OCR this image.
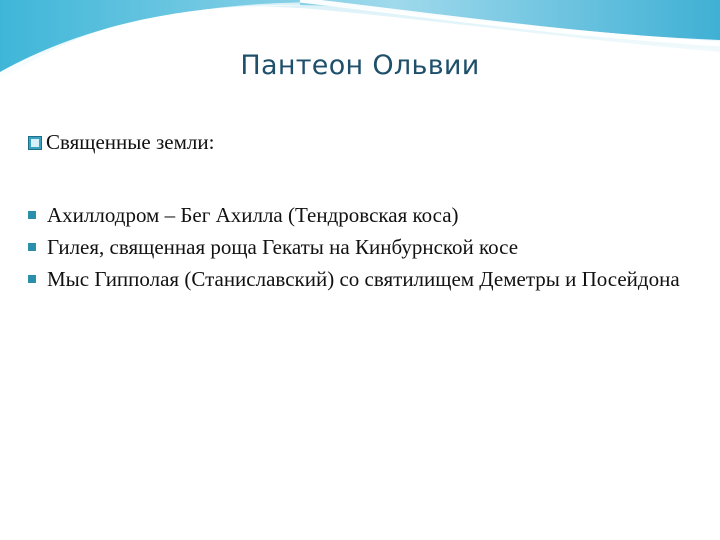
Пантеон Ольвии
Священные земли:
Ахиллодром – Бег Ахилла (Тендровская коса)
Гилея, священная роща Гекаты на Кинбурнской косе
Мыс Гипполая (Станиславский) со святилищем Деметры и Посейдона
